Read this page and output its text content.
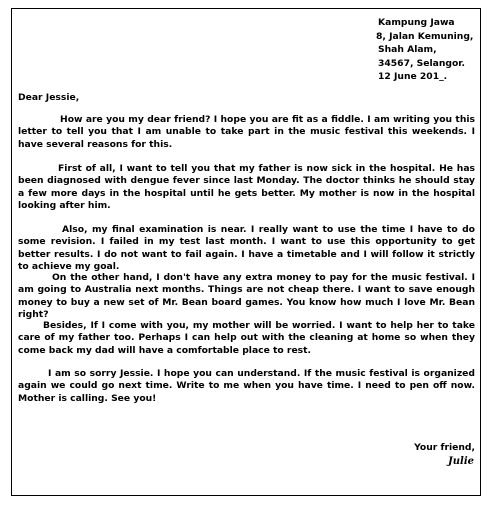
Kampung Jawa
8, Jalan Kemuning,
Shah Alam,
34567, Selangor.
12 June 201_.
Dear Jessie,

How are you my dear friend? I hope you are fit as a fiddle. I am writing you this letter to tell you that I am unable to take part in the music festival this weekends. I have several reasons for this.

First of all, I want to tell you that my father is now sick in the hospital. He has been diagnosed with dengue fever since last Monday. The doctor thinks he should stay a few more days in the hospital until he gets better. My mother is now in the hospital looking after him.

Also, my final examination is near. I really want to use the time I have to do some revision. I failed in my test last month. I want to use this opportunity to get better results. I do not want to fail again. I have a timetable and I will follow it strictly to achieve my goal.

On the other hand, I don't have any extra money to pay for the music festival. I am going to Australia next months. Things are not cheap there. I want to save enough money to buy a new set of Mr. Bean board games. You know how much I love Mr. Bean right?

Besides, If I come with you, my mother will be worried. I want to help her to take care of my father too. Perhaps I can help out with the cleaning at home so when they come back my dad will have a comfortable place to rest.

I am so sorry Jessie. I hope you can understand. If the music festival is organized again we could go next time. Write to me when you have time. I need to pen off now. Mother is calling. See you!

Your friend,
Julie
